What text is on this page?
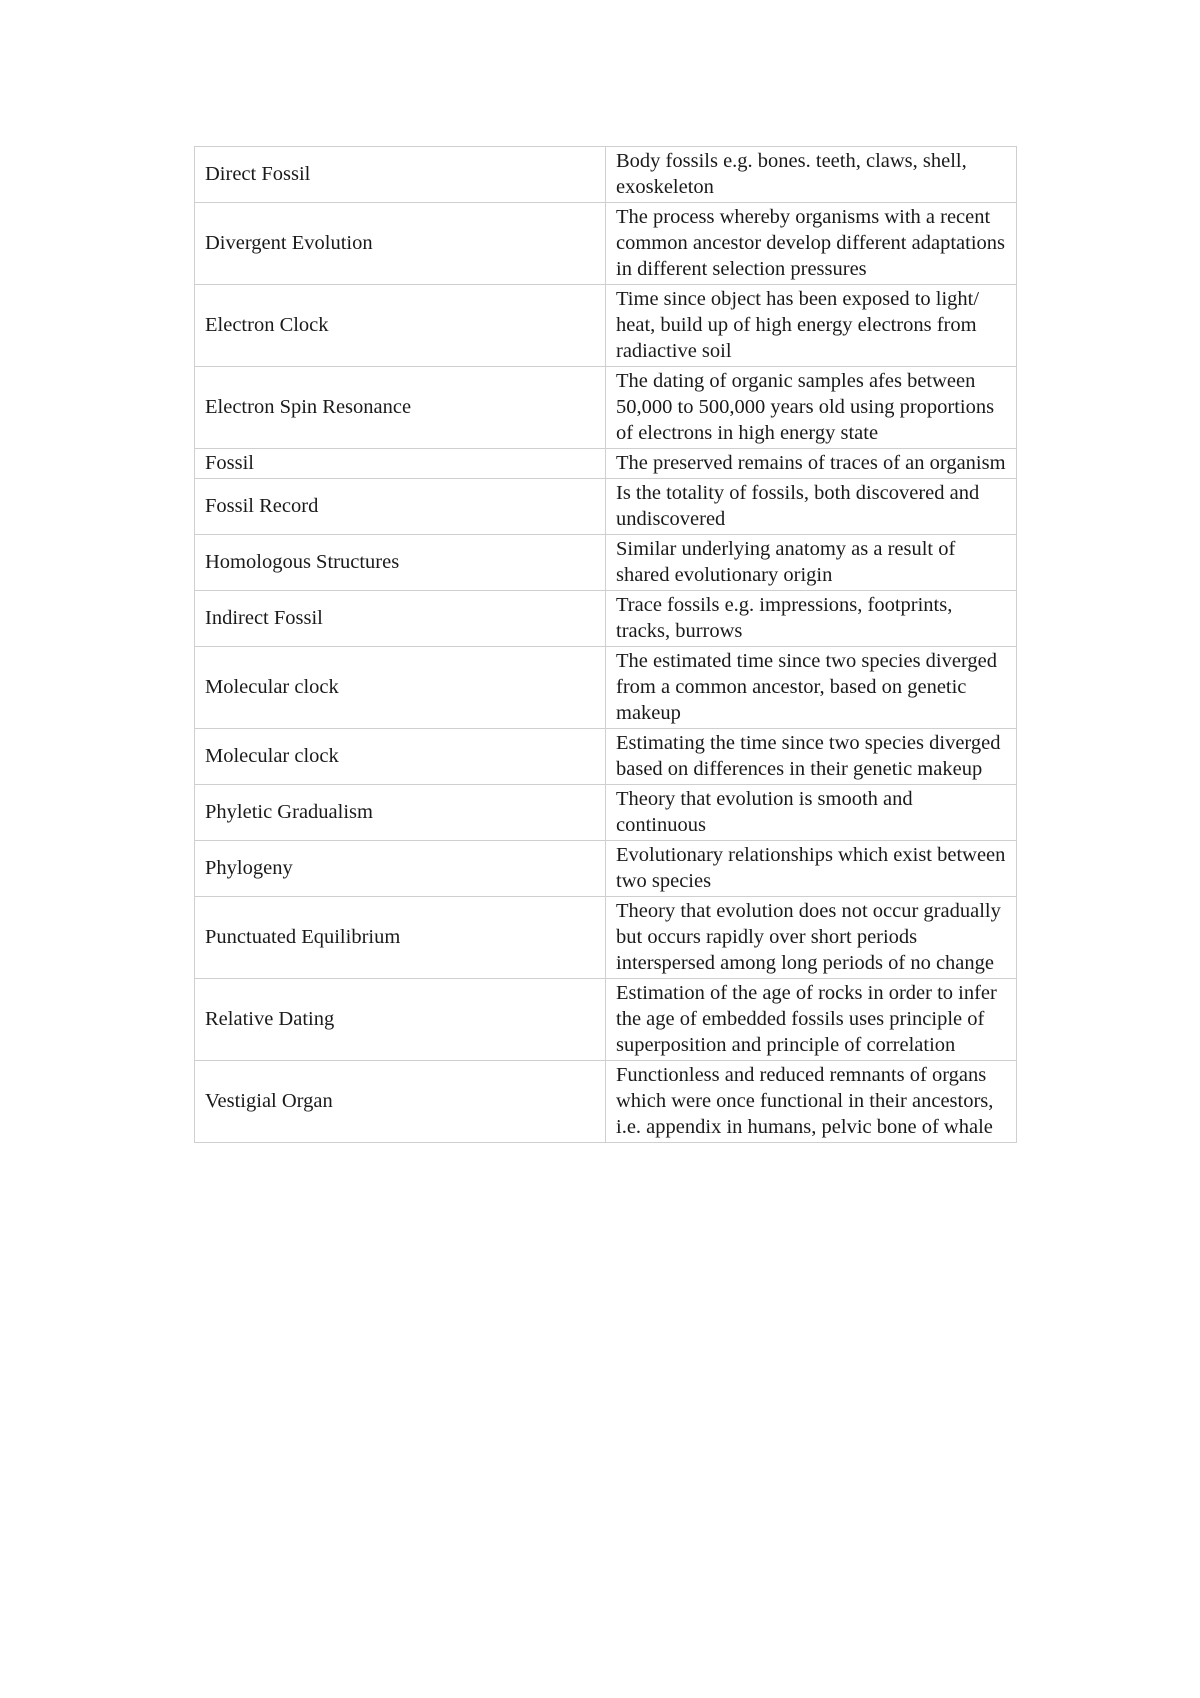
Direct Fossil	Body fossils e.g. bones. teeth, claws, shell, exoskeleton
Divergent Evolution	The process whereby organisms with a recent common ancestor develop different adaptations in different selection pressures
Electron Clock	Time since object has been exposed to light/ heat, build up of high energy electrons from radiactive soil
Electron Spin Resonance	The dating of organic samples afes between 50,000 to 500,000 years old using proportions of electrons in high energy state
Fossil	The preserved remains of traces of an organism
Fossil Record	Is the totality of fossils, both discovered and undiscovered
Homologous Structures	Similar underlying anatomy as a result of shared evolutionary origin
Indirect Fossil	Trace fossils e.g. impressions, footprints, tracks, burrows
Molecular clock	The estimated time since two species diverged from a common ancestor, based on genetic makeup
Molecular clock	Estimating the time since two species diverged based on differences in their genetic makeup
Phyletic Gradualism	Theory that evolution is smooth and continuous
Phylogeny	Evolutionary relationships which exist between two species
Punctuated Equilibrium	Theory that evolution does not occur gradually but occurs rapidly over short periods interspersed among long periods of no change
Relative Dating	Estimation of the age of rocks in order to infer the age of embedded fossils uses principle of superposition and principle of correlation
Vestigial Organ	Functionless and reduced remnants of organs which were once functional in their ancestors, i.e. appendix in humans, pelvic bone of whale
